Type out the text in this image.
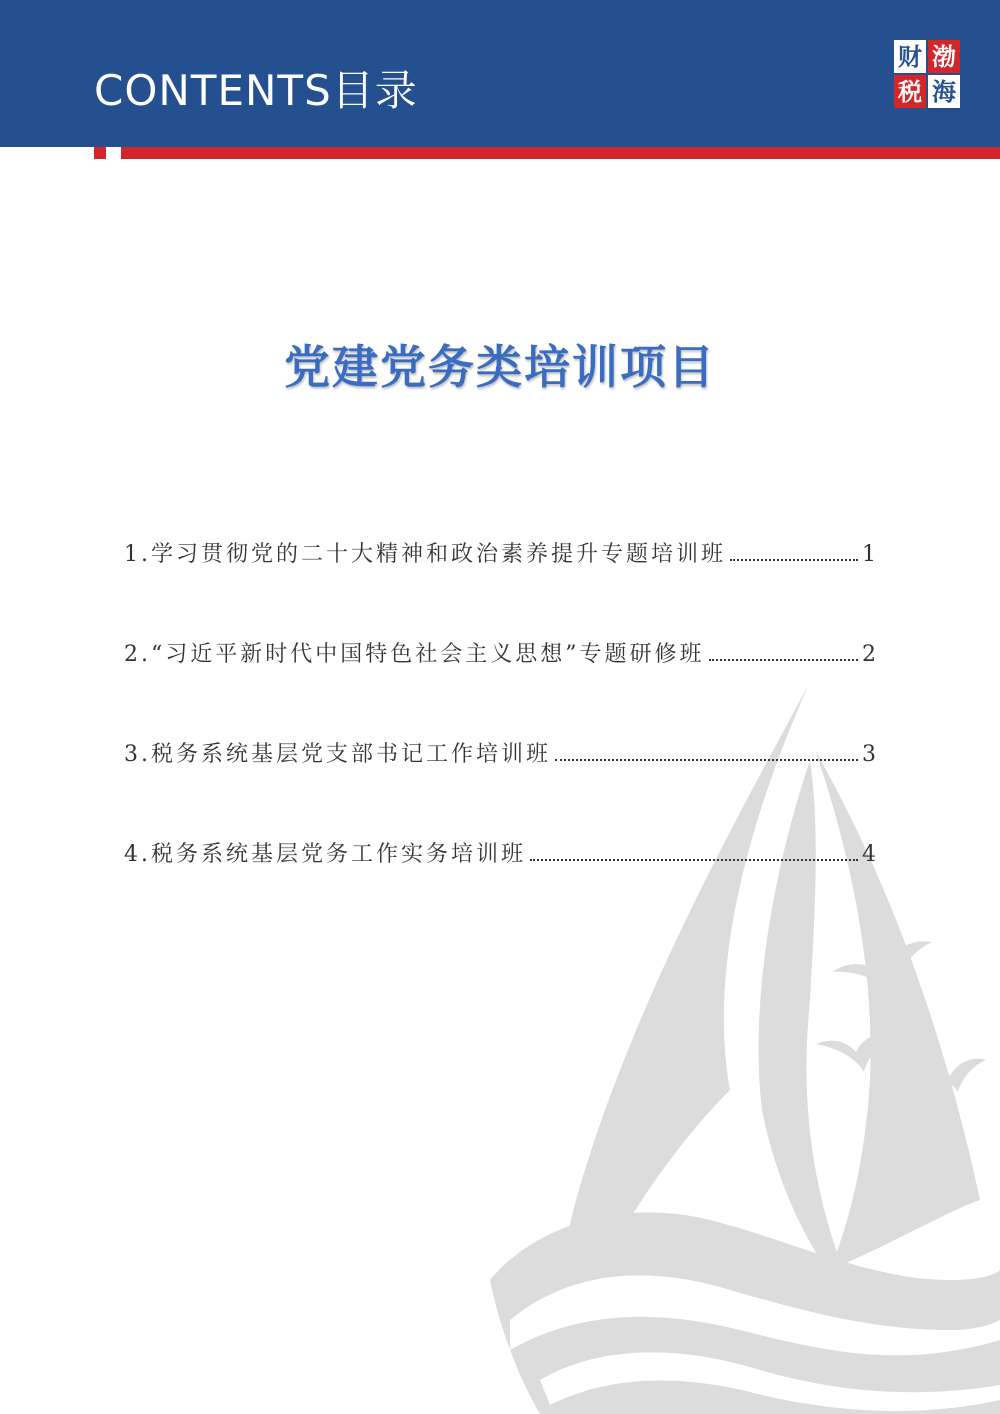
CONTENTS目录
财 渤
税 海
党建党务类培训项目
1.学习贯彻党的二十大精神和政治素养提升专题培训班	1
2.“习近平新时代中国特色社会主义思想”专题研修班	2
3.税务系统基层党支部书记工作培训班	3
4.税务系统基层党务工作实务培训班	4
